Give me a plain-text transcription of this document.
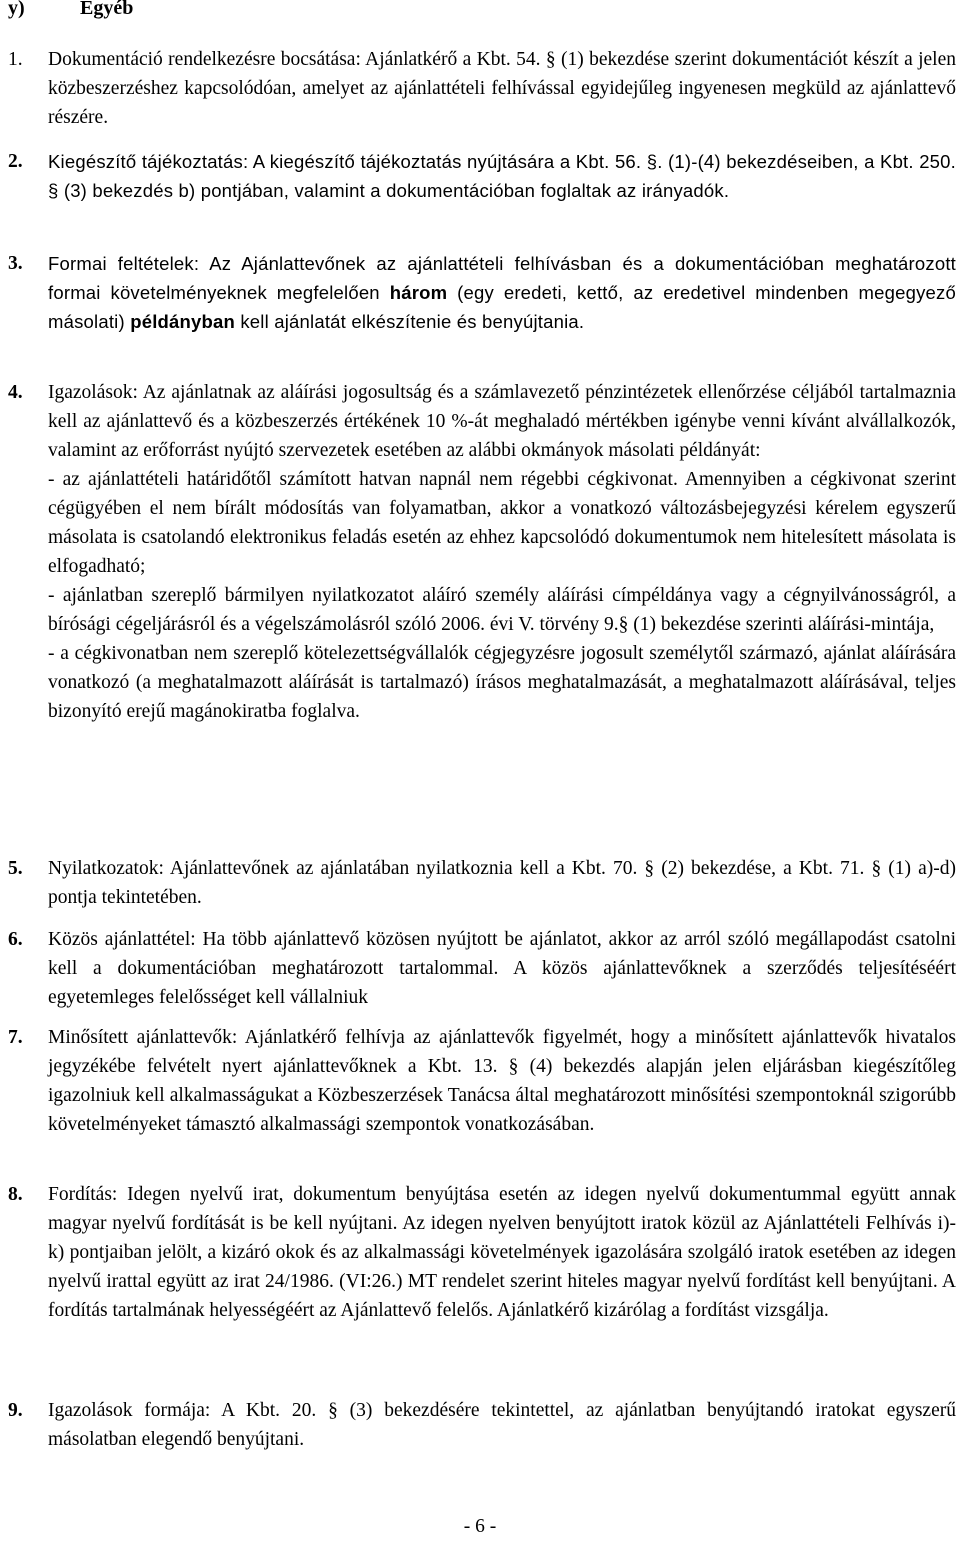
y)	Egyéb
1. Dokumentáció rendelkezésre bocsátása: Ajánlatkérő a Kbt. 54. § (1) bekezdése szerint dokumentációt készít a jelen közbeszerzéshez kapcsolódóan, amelyet az ajánlattételi felhívással egyidejűleg ingyenesen megküld az ajánlattevő részére.
2. Kiegészítő tájékoztatás: A kiegészítő tájékoztatás nyújtására a Kbt. 56. §. (1)-(4) bekezdéseiben, a Kbt. 250. § (3) bekezdés b) pontjában, valamint a dokumentációban foglaltak az irányadók.
3. Formai feltételek: Az Ajánlattevőnek az ajánlattételi felhívásban és a dokumentációban meghatározott formai követelményeknek megfelelően három (egy eredeti, kettő, az eredetivel mindenben megegyező másolati) példányban kell ajánlatát elkészítenie és benyújtania.
4. Igazolások: Az ajánlatnak az aláírási jogosultság és a számlavezető pénzintézetek ellenőrzése céljából tartalmaznia kell az ajánlattevő és a közbeszerzés értékének 10 %-át meghaladó mértékben igénybe venni kívánt alvállalkozók, valamint az erőforrást nyújtó szervezetek esetében az alábbi okmányok másolati példányát:

- az ajánlattételi határidőtől számított hatvan napnál nem régebbi cégkivonat. Amennyiben a cégkivonat szerint cégügyében el nem bírált módosítás van folyamatban, akkor a vonatkozó változásbejegyzési kérelem egyszerű másolata is csatolandó elektronikus feladás esetén az ehhez kapcsolódó dokumentumok nem hitelesített másolata is elfogadható;

- ajánlatban szereplő bármilyen nyilatkozatot aláíró személy aláírási címpéldánya vagy a cégnyilvánosságról, a bírósági cégeljárásról és a végelszámolásról szóló 2006. évi V. törvény 9.§ (1) bekezdése szerinti aláírási-mintája,

- a cégkivonatban nem szereplő kötelezettségvállalók cégjegyzésre jogosult személytől származó, ajánlat aláírására vonatkozó (a meghatalmazott aláírását is tartalmazó) írásos meghatalmazását, a meghatalmazott aláírásával, teljes bizonyító erejű magánokiratba foglalva.

5. Nyilatkozatok: Ajánlattevőnek az ajánlatában nyilatkoznia kell a Kbt. 70. § (2) bekezdése, a Kbt. 71. § (1) a)-d) pontja tekintetében.
6. Közös ajánlattétel: Ha több ajánlattevő közösen nyújtott be ajánlatot, akkor az arról szóló megállapodást csatolni kell a dokumentációban meghatározott tartalommal. A közös ajánlattevőknek a szerződés teljesítéséért egyetemleges felelősséget kell vállalniuk
7. Minősített ajánlattevők: Ajánlatkérő felhívja az ajánlattevők figyelmét, hogy a minősített ajánlattevők hivatalos jegyzékébe felvételt nyert ajánlattevőknek a Kbt. 13. § (4) bekezdés alapján jelen eljárásban kiegészítőleg igazolniuk kell alkalmasságukat a Közbeszerzések Tanácsa által meghatározott minősítési szempontoknál szigorúbb követelményeket támasztó alkalmassági szempontok vonatkozásában.
8. Fordítás: Idegen nyelvű irat, dokumentum benyújtása esetén az idegen nyelvű dokumentummal együtt annak magyar nyelvű fordítását is be kell nyújtani. Az idegen nyelven benyújtott iratok közül az Ajánlattételi Felhívás i)-k) pontjaiban jelölt, a kizáró okok és az alkalmassági követelmények igazolására szolgáló iratok esetében az idegen nyelvű irattal együtt az irat 24/1986. (VI:26.) MT rendelet szerint hiteles magyar nyelvű fordítást kell benyújtani. A fordítás tartalmának helyességéért az Ajánlattevő felelős. Ajánlatkérő kizárólag a fordítást vizsgálja.
9. Igazolások formája: A Kbt. 20. § (3) bekezdésére tekintettel, az ajánlatban benyújtandó iratokat egyszerű másolatban elegendő benyújtani.
- 6 -
